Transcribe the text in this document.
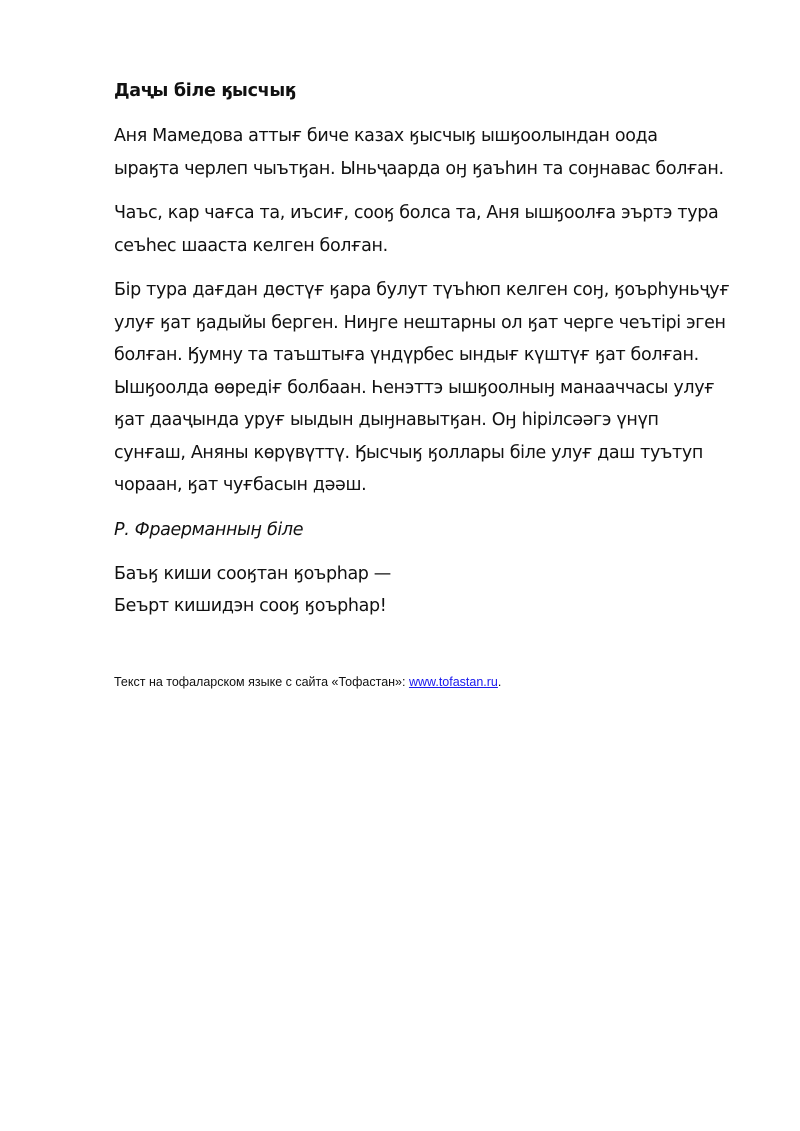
Даҷы біле ӄысчыӄ

Аня Мамедова аттығ биче казах ӄысчыӄ ышӄоолындан оода
ыраӄта черлеп чыътӄан. Ыньҷаарда оӈ ӄаъһин та соӈнавас болған.

Чаъс, кар чағса та, иъсиғ, сооӄ болса та, Аня ышӄоолға эъртэ тура
сеъһес шааста келген болған.

Бір тура дағдан дөстүғ ӄара булут түъһюп келген соӈ, ӄоърһуньҷуғ
улуғ ӄат ӄадыйы берген. Ниӈге нештарны ол ӄат черге чеътірі эген
болған. Ӄумну та таъштыға үндүрбес ындығ күштүғ ӄат болған.
Ышӄоолда өөредіғ болбаан. Һенэттэ ышӄоолныӈ манааччасы улуғ
ӄат дааҷында уруғ ыыдын дыӈнавытӄан. Оӈ һірілсәәгэ үнүп
сунғаш, Аняны көрүвүттү. Ӄысчыӄ ӄоллары біле улуғ даш туътуп
чораан, ӄат чуғбасын дәәш.

Р. Фраерманныӈ біле

Баъӄ киши сооӄтан ӄоърһар —
Беърт кишидэн сооӄ ӄоърһар!

Текст на тофаларском языке с сайта «Тофастан»: www.tofastan.ru.
